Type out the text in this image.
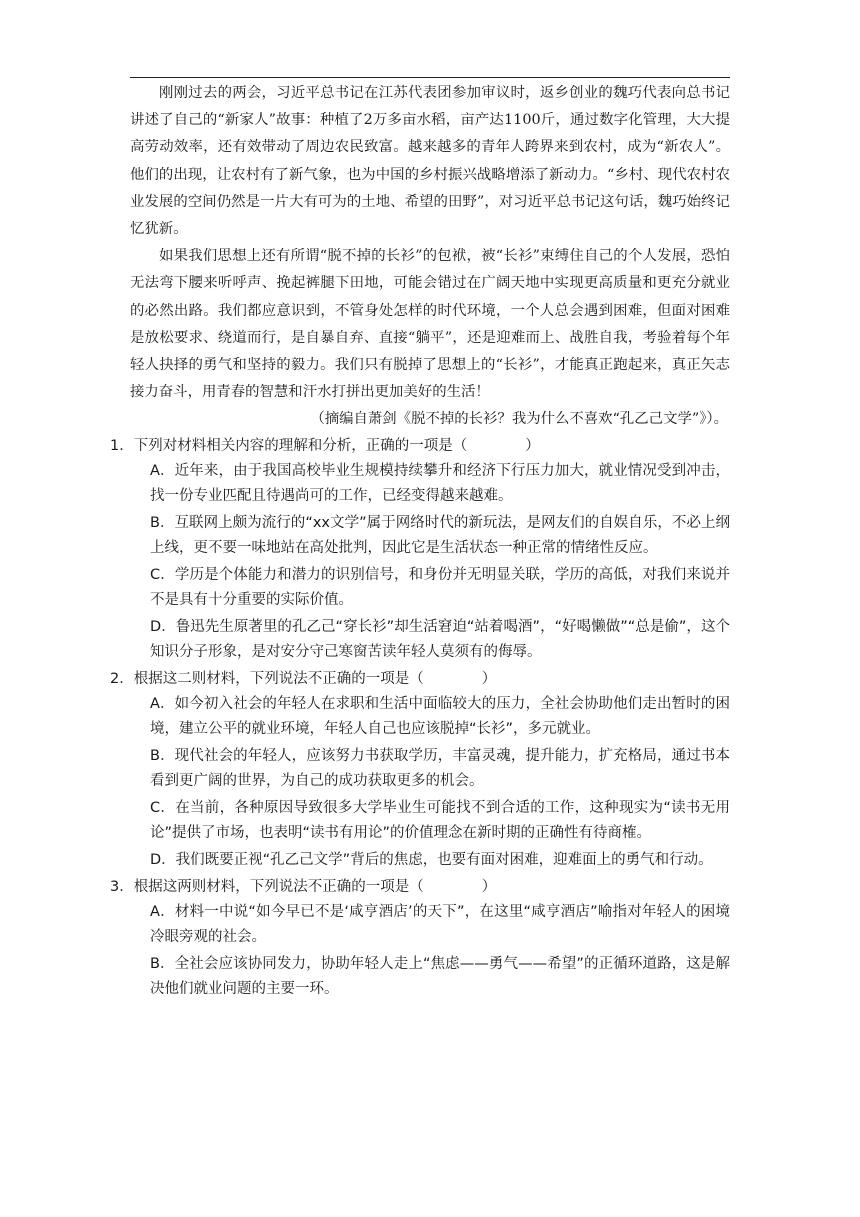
刚刚过去的两会，习近平总书记在江苏代表团参加审议时，返乡创业的魏巧代表向总书记讲述了自己的“新家人”故事：种植了2万多亩水稻，亩产达1100斤，通过数字化管理，大大提高劳动效率，还有效带动了周边农民致富。越来越多的青年人跨界来到农村，成为“新农人”。他们的出现，让农村有了新气象，也为中国的乡村振兴战略增添了新动力。“乡村、现代农村农业发展的空间仍然是一片大有可为的土地、希望的田野”，对习近平总书记这句话，魏巧始终记忆犹新。

如果我们思想上还有所谓“脱不掉的长衫”的包袱，被“长衫”束缚住自己的个人发展，恐怕无法弯下腰来听呼声、挽起裤腿下田地，可能会错过在广阔天地中实现更高质量和更充分就业的必然出路。我们都应意识到，不管身处怎样的时代环境，一个人总会遇到困难，但面对困难是放松要求、绕道而行，是自暴自弃、直接“躺平”，还是迎难而上、战胜自我，考验着每个年轻人抉择的勇气和坚持的毅力。我们只有脱掉了思想上的“长衫”，才能真正跑起来，真正矢志接力奋斗，用青春的智慧和汗水打拼出更加美好的生活！

（摘编自萧剑《脱不掉的长衫？我为什么不喜欢“孔乙己文学”》）。

1．下列对材料相关内容的理解和分析，正确的一项是（　　　　）

A．近年来，由于我国高校毕业生规模持续攀升和经济下行压力加大，就业情况受到冲击，找一份专业匹配且待遇尚可的工作，已经变得越来越难。

B．互联网上颇为流行的“xx文学”属于网络时代的新玩法，是网友们的自娱自乐，不必上纲上线，更不要一味地站在高处批判，因此它是生活状态一种正常的情绪性反应。

C．学历是个体能力和潜力的识别信号，和身份并无明显关联，学历的高低，对我们来说并不是具有十分重要的实际价值。

D．鲁迅先生原著里的孔乙己“穿长衫”却生活窘迫“站着喝酒”，“好喝懒做”“总是偷”，这个知识分子形象，是对安分守己寒窗苦读年轻人莫须有的侮辱。

2．根据这二则材料，下列说法不正确的一项是（　　　　）

A．如今初入社会的年轻人在求职和生活中面临较大的压力，全社会协助他们走出暂时的困境，建立公平的就业环境，年轻人自己也应该脱掉“长衫”，多元就业。

B．现代社会的年轻人，应该努力书获取学历，丰富灵魂，提升能力，扩充格局，通过书本看到更广阔的世界，为自己的成功获取更多的机会。

C．在当前，各种原因导致很多大学毕业生可能找不到合适的工作，这种现实为“读书无用论”提供了市场，也表明“读书有用论”的价值理念在新时期的正确性有待商榷。

D．我们既要正视“孔乙己文学”背后的焦虑，也要有面对困难，迎难面上的勇气和行动。

3．根据这两则材料，下列说法不正确的一项是（　　　　）

A．材料一中说“如今早已不是‘咸亨酒店’的天下”，在这里“咸亨酒店”喻指对年轻人的困境冷眼旁观的社会。

B．全社会应该协同发力，协助年轻人走上“焦虑——勇气——希望”的正循环道路，这是解决他们就业问题的主要一环。
